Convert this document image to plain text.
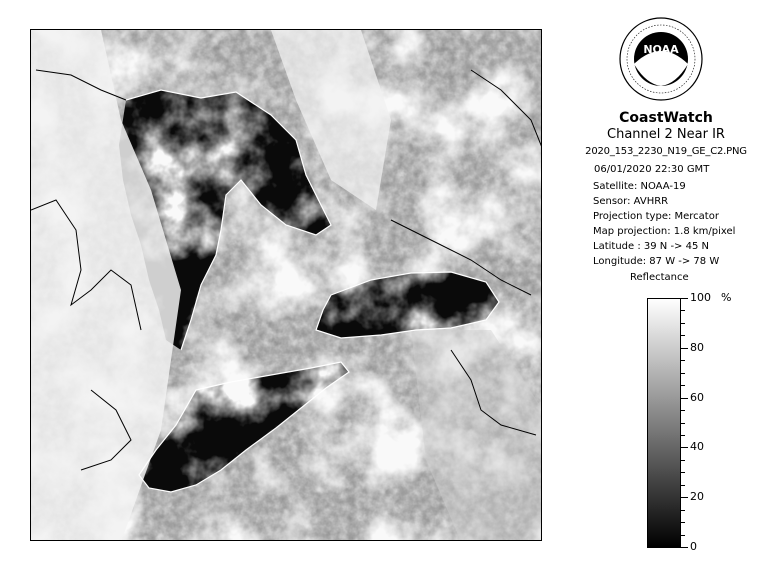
NOAA
CoastWatch
Channel 2 Near IR
2020_153_2230_N19_GE_C2.PNG
06/01/2020 22:30 GMT
Satellite: NOAA-19
Sensor: AVHRR
Projection type: Mercator
Map projection: 1.8 km/pixel
Latitude : 39 N -> 45 N
Longitude: 87 W -> 78 W
Reflectance
%
100
80
60
40
20
0
